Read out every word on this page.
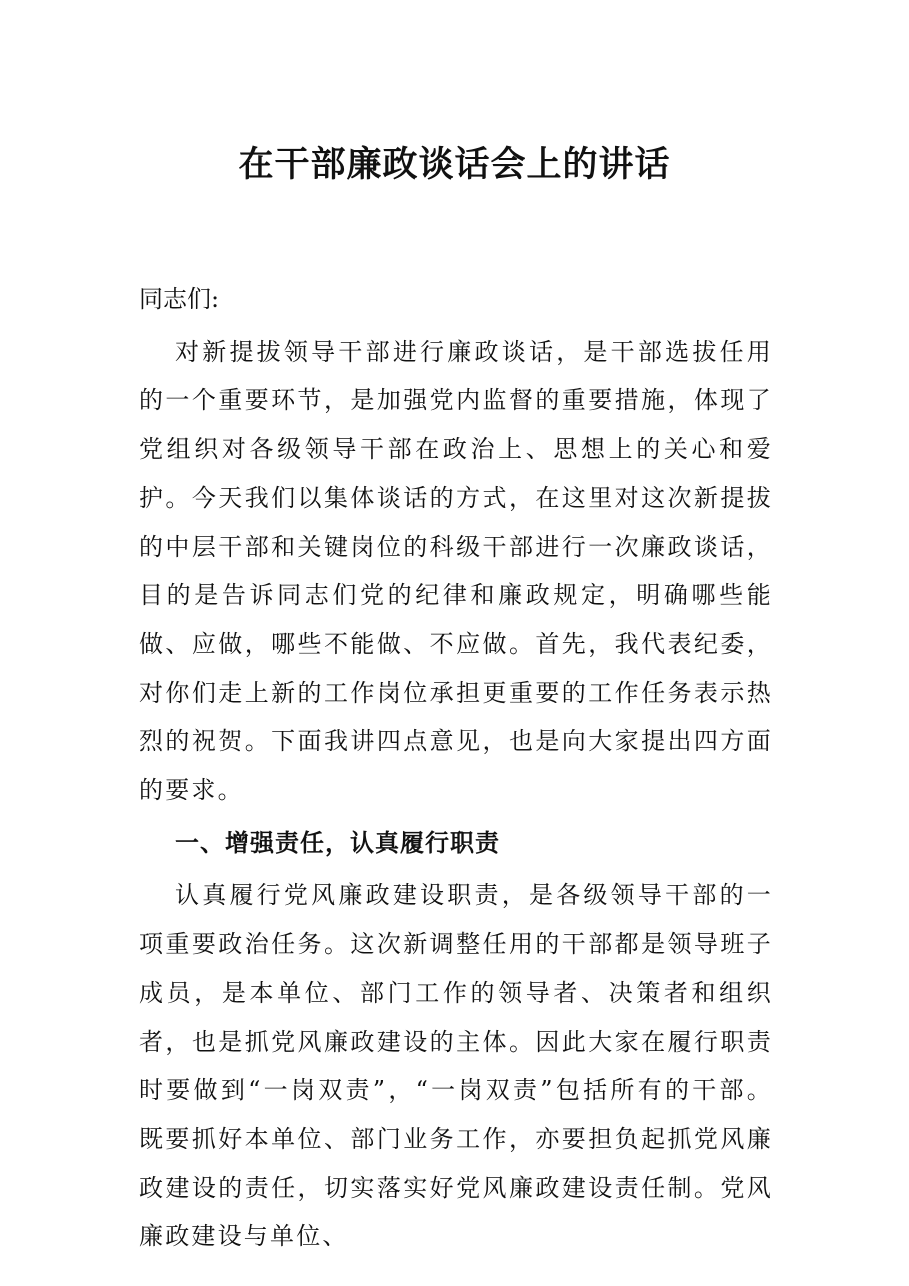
在干部廉政谈话会上的讲话

同志们:

对新提拔领导干部进行廉政谈话，是干部选拔任用的一个重要环节，是加强党内监督的重要措施，体现了党组织对各级领导干部在政治上、思想上的关心和爱护。今天我们以集体谈话的方式，在这里对这次新提拔的中层干部和关键岗位的科级干部进行一次廉政谈话，目的是告诉同志们党的纪律和廉政规定，明确哪些能做、应做，哪些不能做、不应做。首先，我代表纪委，对你们走上新的工作岗位承担更重要的工作任务表示热烈的祝贺。下面我讲四点意见，也是向大家提出四方面的要求。

一、增强责任，认真履行职责

认真履行党风廉政建设职责，是各级领导干部的一项重要政治任务。这次新调整任用的干部都是领导班子成员，是本单位、部门工作的领导者、决策者和组织者，也是抓党风廉政建设的主体。因此大家在履行职责时要做到“一岗双责”，“一岗双责”包括所有的干部。既要抓好本单位、部门业务工作，亦要担负起抓党风廉政建设的责任，切实落实好党风廉政建设责任制。党风廉政建设与单位、
